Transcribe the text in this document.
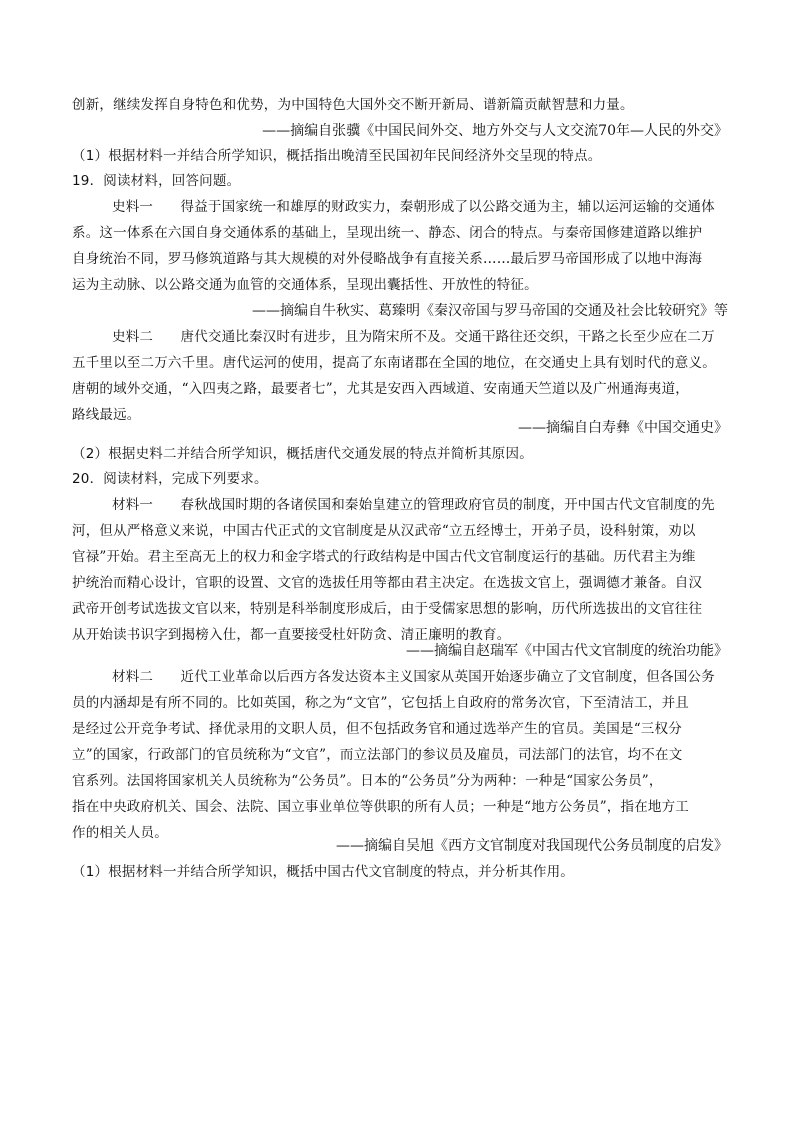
创新，继续发挥自身特色和优势，为中国特色大国外交不断开新局、谱新篇贡献智慧和力量。
——摘编自张骥《中国民间外交、地方外交与人文交流70年—人民的外交》
（1）根据材料一并结合所学知识，概括指出晚清至民国初年民间经济外交呈现的特点。
19．阅读材料，回答问题。
史料一　　得益于国家统一和雄厚的财政实力，秦朝形成了以公路交通为主，辅以运河运输的交通体
系。这一体系在六国自身交通体系的基础上，呈现出统一、静态、闭合的特点。与秦帝国修建道路以维护
自身统治不同，罗马修筑道路与其大规模的对外侵略战争有直接关系……最后罗马帝国形成了以地中海海
运为主动脉、以公路交通为血管的交通体系，呈现出囊括性、开放性的特征。
——摘编自牛秋实、葛臻明《秦汉帝国与罗马帝国的交通及社会比较研究》等
史料二　　唐代交通比秦汉时有进步，且为隋宋所不及。交通干路往还交织，干路之长至少应在二万
五千里以至二万六千里。唐代运河的使用，提高了东南诸郡在全国的地位，在交通史上具有划时代的意义。
唐朝的域外交通，“入四夷之路，最要者七”，尤其是安西入西域道、安南通天竺道以及广州通海夷道，
路线最远。
——摘编自白寿彝《中国交通史》
（2）根据史料二并结合所学知识，概括唐代交通发展的特点并简析其原因。
20．阅读材料，完成下列要求。
材料一　　春秋战国时期的各诸侯国和秦始皇建立的管理政府官员的制度，开中国古代文官制度的先
河，但从严格意义来说，中国古代正式的文官制度是从汉武帝“立五经博士，开弟子员，设科射策，劝以
官禄”开始。君主至高无上的权力和金字塔式的行政结构是中国古代文官制度运行的基础。历代君主为维
护统治而精心设计，官职的设置、文官的选拔任用等都由君主决定。在选拔文官上，强调德才兼备。自汉
武帝开创考试选拔文官以来，特别是科举制度形成后，由于受儒家思想的影响，历代所选拔出的文官往往
从开始读书识字到揭榜入仕，都一直要接受杜奸防贪、清正廉明的教育。
——摘编自赵瑞军《中国古代文官制度的统治功能》
材料二　　近代工业革命以后西方各发达资本主义国家从英国开始逐步确立了文官制度，但各国公务
员的内涵却是有所不同的。比如英国，称之为“文官”，它包括上自政府的常务次官，下至清洁工，并且
是经过公开竞争考试、择优录用的文职人员，但不包括政务官和通过选举产生的官员。美国是“三权分
立”的国家，行政部门的官员统称为“文官”，而立法部门的参议员及雇员，司法部门的法官，均不在文
官系列。法国将国家机关人员统称为“公务员”。日本的“公务员”分为两种：一种是“国家公务员”，
指在中央政府机关、国会、法院、国立事业单位等供职的所有人员；一种是“地方公务员”，指在地方工
作的相关人员。
——摘编自吴旭《西方文官制度对我国现代公务员制度的启发》
（1）根据材料一并结合所学知识，概括中国古代文官制度的特点，并分析其作用。
